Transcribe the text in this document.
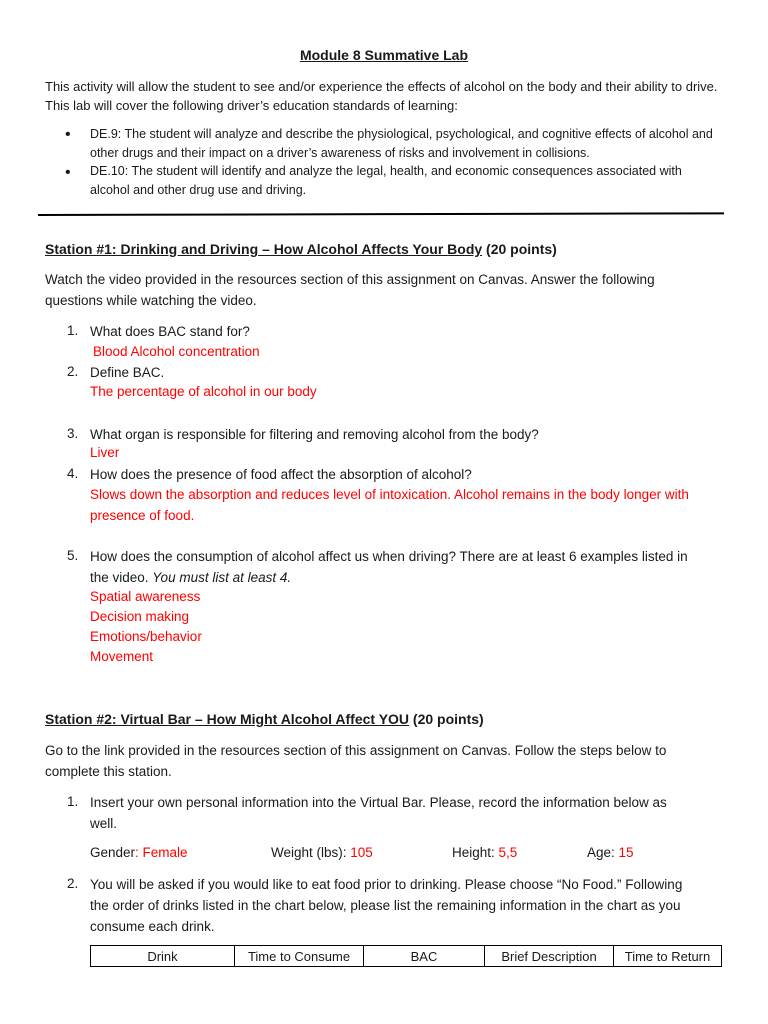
Module 8 Summative Lab
This activity will allow the student to see and/or experience the effects of alcohol on the body and their ability to drive.
This lab will cover the following driver’s education standards of learning:
• DE.9: The student will analyze and describe the physiological, psychological, and cognitive effects of alcohol and
other drugs and their impact on a driver’s awareness of risks and involvement in collisions.
• DE.10: The student will identify and analyze the legal, health, and economic consequences associated with
alcohol and other drug use and driving.
Station #1: Drinking and Driving – How Alcohol Affects Your Body (20 points)
Watch the video provided in the resources section of this assignment on Canvas. Answer the following
questions while watching the video.
1. What does BAC stand for?
Blood Alcohol concentration
2. Define BAC.
The percentage of alcohol in our body
3. What organ is responsible for filtering and removing alcohol from the body?
Liver
4. How does the presence of food affect the absorption of alcohol?
Slows down the absorption and reduces level of intoxication. Alcohol remains in the body longer with
presence of food.
5. How does the consumption of alcohol affect us when driving? There are at least 6 examples listed in
the video. You must list at least 4.
Spatial awareness
Decision making
Emotions/behavior
Movement
Station #2: Virtual Bar – How Might Alcohol Affect YOU (20 points)
Go to the link provided in the resources section of this assignment on Canvas. Follow the steps below to
complete this station.
1. Insert your own personal information into the Virtual Bar. Please, record the information below as
well.
Gender: Female	Weight (lbs): 105	Height: 5,5	Age: 15
2. You will be asked if you would like to eat food prior to drinking. Please choose “No Food.” Following
the order of drinks listed in the chart below, please list the remaining information in the chart as you
consume each drink.
Drink	Time to Consume	BAC	Brief Description	Time to Return
